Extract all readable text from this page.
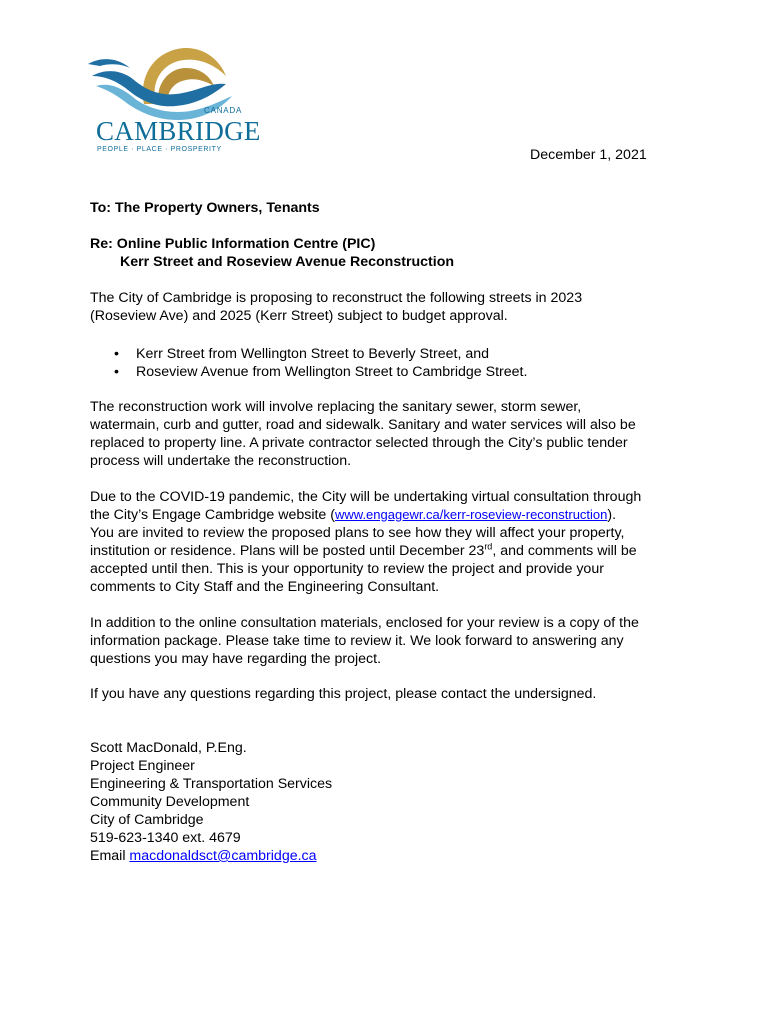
CANADA
CAMBRIDGE
PEOPLE · PLACE · PROSPERITY	December 1, 2021
To: The Property Owners, Tenants
Re: Online Public Information Centre (PIC)
Kerr Street and Roseview Avenue Reconstruction
The City of Cambridge is proposing to reconstruct the following streets in 2023
(Roseview Ave) and 2025 (Kerr Street) subject to budget approval.
• Kerr Street from Wellington Street to Beverly Street, and
• Roseview Avenue from Wellington Street to Cambridge Street.
The reconstruction work will involve replacing the sanitary sewer, storm sewer,
watermain, curb and gutter, road and sidewalk. Sanitary and water services will also be
replaced to property line. A private contractor selected through the City’s public tender
process will undertake the reconstruction.
Due to the COVID-19 pandemic, the City will be undertaking virtual consultation through
the City’s Engage Cambridge website (www.engagewr.ca/kerr-roseview-reconstruction).
You are invited to review the proposed plans to see how they will affect your property,
institution or residence. Plans will be posted until December 23rd, and comments will be
accepted until then. This is your opportunity to review the project and provide your
comments to City Staff and the Engineering Consultant.
In addition to the online consultation materials, enclosed for your review is a copy of the
information package. Please take time to review it. We look forward to answering any
questions you may have regarding the project.
If you have any questions regarding this project, please contact the undersigned.
Scott MacDonald, P.Eng.
Project Engineer
Engineering & Transportation Services
Community Development
City of Cambridge
519-623-1340 ext. 4679
Email macdonaldsct@cambridge.ca
